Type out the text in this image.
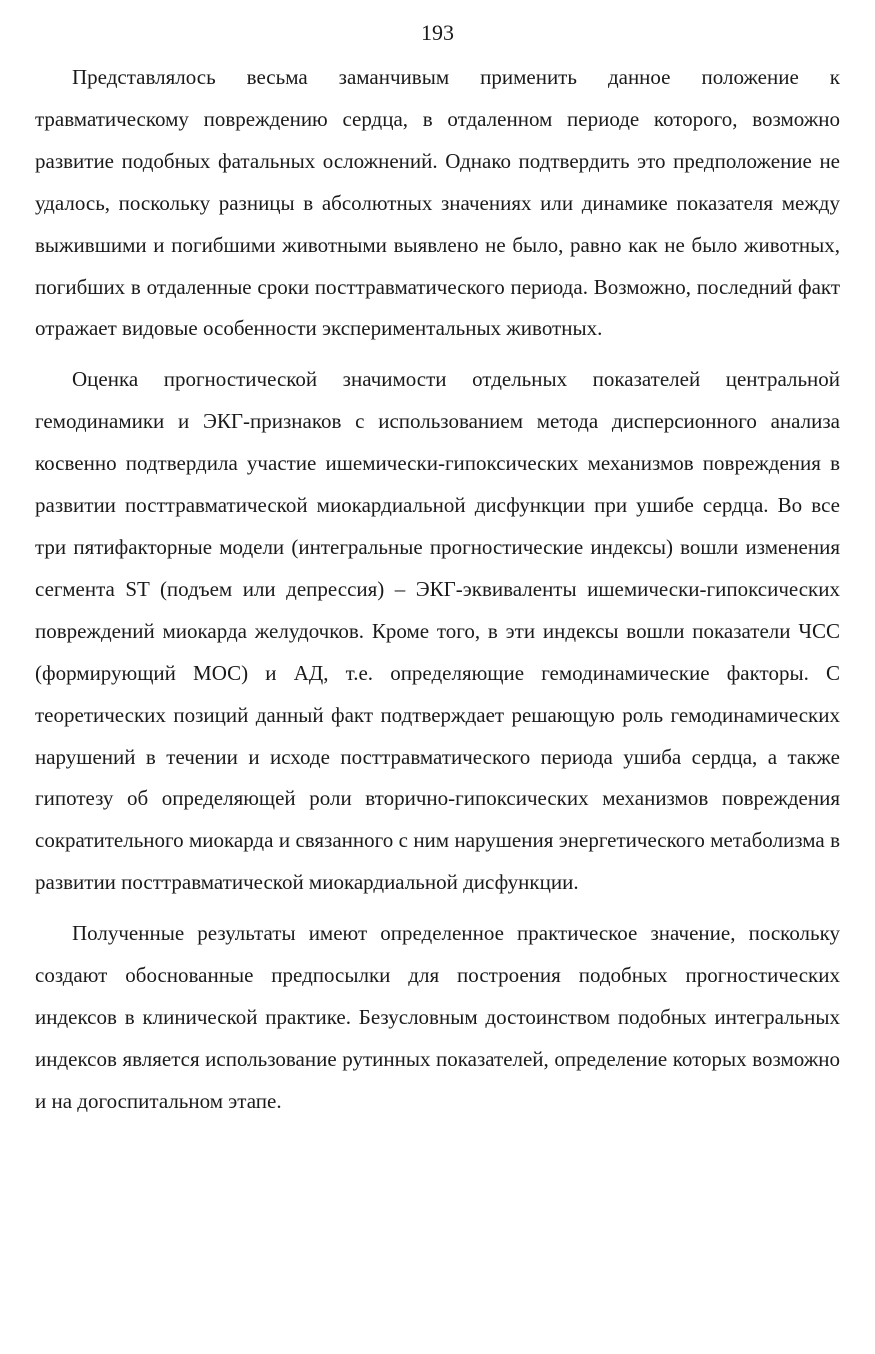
193

Представлялось весьма заманчивым применить данное положение к травматическому повреждению сердца, в отдаленном периоде которого, возможно развитие подобных фатальных осложнений. Однако подтвердить это предположение не удалось, поскольку разницы в абсолютных значениях или динамике показателя между выжившими и погибшими животными выявлено не было, равно как не было животных, погибших в отдаленные сроки посттравматического периода. Возможно, последний факт отражает видовые особенности экспериментальных животных.

Оценка прогностической значимости отдельных показателей центральной гемодинамики и ЭКГ-признаков с использованием метода дисперсионного анализа косвенно подтвердила участие ишемически-гипоксических механизмов повреждения в развитии посттравматической миокардиальной дисфункции при ушибе сердца. Во все три пятифакторные модели (интегральные прогностические индексы) вошли изменения сегмента ST (подъем или депрессия) – ЭКГ-эквиваленты ишемически-гипоксических повреждений миокарда желудочков. Кроме того, в эти индексы вошли показатели ЧСС (формирующий МОС) и АД, т.е. определяющие гемодинамические факторы. С теоретических позиций данный факт подтверждает решающую роль гемодинамических нарушений в течении и исходе посттравматического периода ушиба сердца, а также гипотезу об определяющей роли вторично-гипоксических механизмов повреждения сократительного миокарда и связанного с ним нарушения энергетического метаболизма в развитии посттравматической миокардиальной дисфункции.

Полученные результаты имеют определенное практическое значение, поскольку создают обоснованные предпосылки для построения подобных прогностических индексов в клинической практике. Безусловным достоинством подобных интегральных индексов является использование рутинных показателей, определение которых возможно и на догоспитальном этапе.
